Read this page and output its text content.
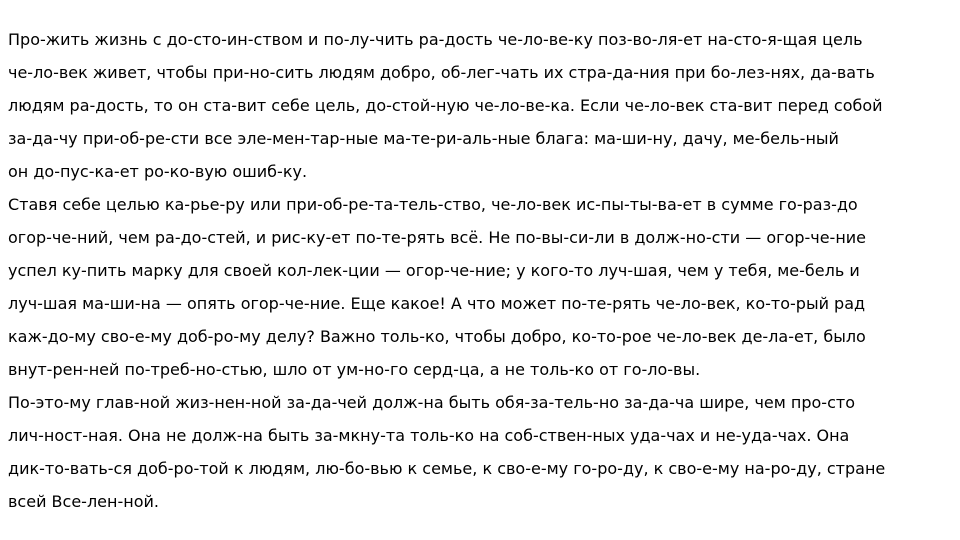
Про-жить жизнь с до-сто-ин-ством и по-лу-чить ра-дость че-ло-ве-ку поз-во-ля-ет на-сто-я-щая цель
че-ло-век живет, чтобы при-но-сить людям добро, об-лег-чать их стра-да-ния при бо-лез-нях, да-вать
людям ра-дость, то он ста-вит себе цель, до-стой-ную че-ло-ве-ка. Если че-ло-век ста-вит перед собой
за-да-чу при-об-ре-сти все эле-мен-тар-ные ма-те-ри-аль-ные блага: ма-ши-ну, дачу, ме-бель-ный
он до-пус-ка-ет ро-ко-вую ошиб-ку.
Ставя себе целью ка-рье-ру или при-об-ре-та-тель-ство, че-ло-век ис-пы-ты-ва-ет в сумме го-раз-до
огор-че-ний, чем ра-до-стей, и рис-ку-ет по-те-рять всё. Не по-вы-си-ли в долж-но-сти — огор-че-ние
успел ку-пить марку для своей кол-лек-ции — огор-че-ние; у кого-то луч-шая, чем у тебя, ме-бель и
луч-шая ма-ши-на — опять огор-че-ние. Еще какое! А что может по-те-рять че-ло-век, ко-то-рый рад
каж-до-му сво-е-му доб-ро-му делу? Важно толь-ко, чтобы добро, ко-то-рое че-ло-век де-ла-ет, было
внут-рен-ней по-треб-но-стью, шло от ум-но-го серд-ца, а не толь-ко от го-ло-вы.
По-это-му глав-ной жиз-нен-ной за-да-чей долж-на быть обя-за-тель-но за-да-ча шире, чем про-сто
лич-ност-ная. Она не долж-на быть за-мкну-та толь-ко на соб-ствен-ных уда-чах и не-уда-чах. Она
дик-то-вать-ся доб-ро-той к людям, лю-бо-вью к семье, к сво-е-му го-ро-ду, к сво-е-му на-ро-ду, стране
всей Все-лен-ной.
